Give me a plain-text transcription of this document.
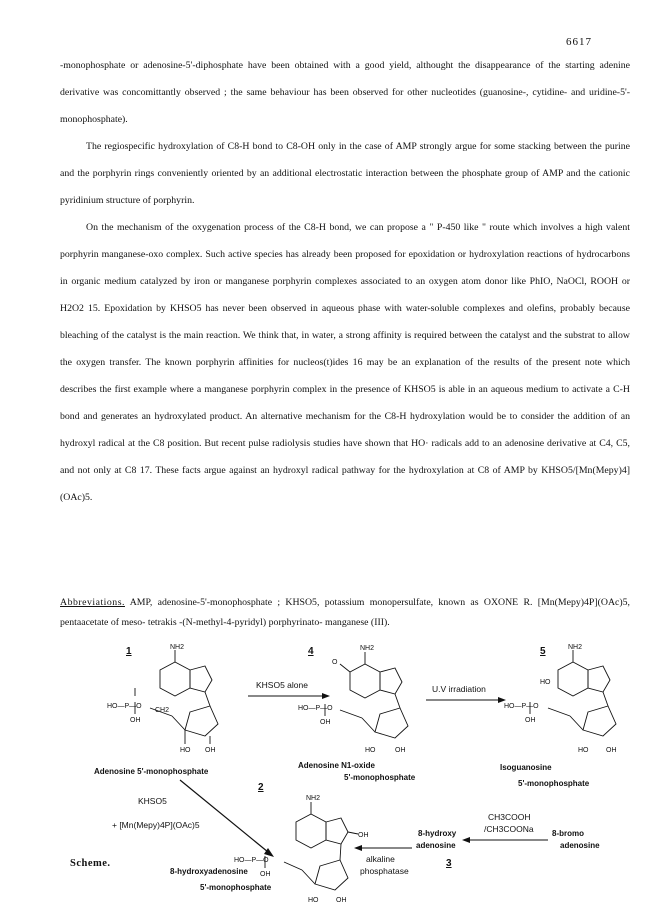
6617

-monophosphate or adenosine-5'-diphosphate have been obtained with a good yield, althought the disappearance of the starting adenine derivative was concomittantly observed ; the same behaviour has been observed for other nucleotides (guanosine-, cytidine- and uridine-5'-monophosphate).

The regiospecific hydroxylation of C8-H bond to C8-OH only in the case of AMP strongly argue for some stacking between the purine and the porphyrin rings conveniently oriented by an additional electrostatic interaction between the phosphate group of AMP and the cationic pyridinium structure of porphyrin.

On the mechanism of the oxygenation process of the C8-H bond, we can propose a " P-450 like " route which involves a high valent porphyrin manganese-oxo complex. Such active species has already been proposed for epoxidation or hydroxylation reactions of hydrocarbons in organic medium catalyzed by iron or manganese porphyrin complexes associated to an oxygen atom donor like PhIO, NaOCl, ROOH or H2O2 15. Epoxidation by KHSO5 has never been observed in aqueous phase with water-soluble complexes and olefins, probably because bleaching of the catalyst is the main reaction. We think that, in water, a strong affinity is required between the catalyst and the substrat to allow the oxygen transfer. The known porphyrin affinities for nucleos(t)ides 16 may be an explanation of the results of the present note which describes the first example where a manganese porphyrin complex in the presence of KHSO5 is able in an aqueous medium to activate a C-H bond and generates an hydroxylated product. An alternative mechanism for the C8-H hydroxylation would be to consider the addition of an hydroxyl radical at the C8 position. But recent pulse radiolysis studies have shown that HO· radicals add to an adenosine derivative at C4, C5, and not only at C8 17. These facts argue against an hydroxyl radical pathway for the hydroxylation at C8 of AMP by KHSO5/[Mn(Mepy)4](OAc)5.

Abbreviations. AMP, adenosine-5'-monophosphate ; KHSO5, potassium monopersulfate, known as OXONE R. [Mn(Mepy)4P](OAc)5, pentaacetate of meso- tetrakis -(N-methyl-4-pyridyl) porphyrinato- manganese (III).
NH2
HO—P—O
OH
CH2
HO OH
1
Adenosine 5'-monophosphate
KHSO5 alone
NH2
O
HO—P—O
OH
HO	OH
4
Adenosine N1-oxide
5'-monophosphate
U.V irradiation
NH2
HO
HO—P—O
OH
HO	OH
5
Isoguanosine
5'-monophosphate
KHSO5
+ [Mn(Mepy)4P](OAc)5
NH2
OH
HO—P—O
OH
HO	OH
2
8-hydroxyadenosine
5'-monophosphate
alkaline
phosphatase
8-hydroxy
adenosine
3
CH3COOH
/CH3COONa 8-bromo
adenosine
Scheme.
